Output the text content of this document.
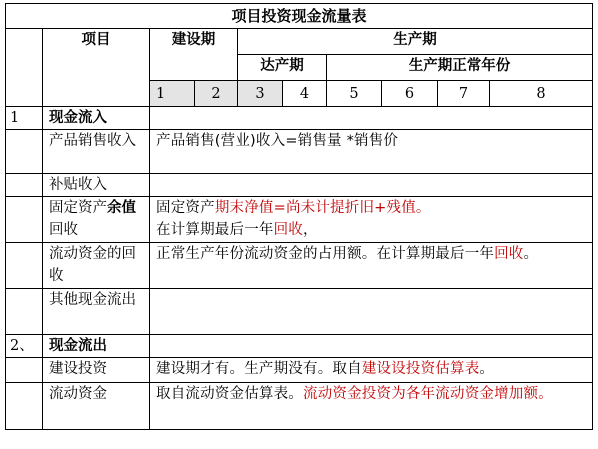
项目投资现金流量表									
	项目	建设期		生产期					
				达产期		生产期正常年份			
		1	2	3	4	5	6	7	8
1	现金流入								
	产品销售收入	产品销售(营业)收入=销售量 *销售价							

	补贴收入								
	固定资产余值回收	固定资产期末净值=尚未计提折旧+残值。
在计算期最后一年回收，							

	流动资金的回收	正常生产年份流动资金的占用额。在计算期最后一年回收。							

	其他现金流出								
2、	现金流出								
	建设投资	建设期才有。生产期没有。取自建设设投资估算表。							

	流动资金	取自流动资金估算表。流动资金投资为各年流动资金增加额。							
